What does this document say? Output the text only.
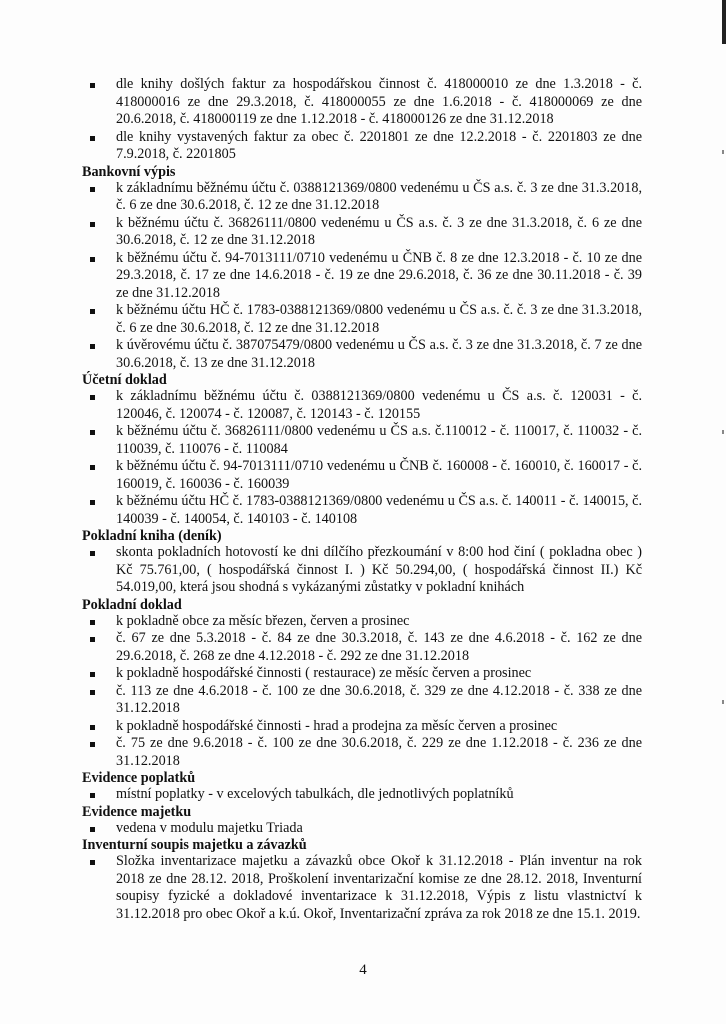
dle knihy došlých faktur za hospodářskou činnost č. 418000010 ze dne 1.3.2018 - č. 418000016 ze dne 29.3.2018, č. 418000055 ze dne 1.6.2018 - č. 418000069 ze dne 20.6.2018, č. 418000119 ze dne 1.12.2018 - č. 418000126 ze dne 31.12.2018
dle knihy vystavených faktur za obec č. 2201801 ze dne 12.2.2018 - č. 2201803 ze dne 7.9.2018, č. 2201805
Bankovní výpis
k základnímu běžnému účtu č. 0388121369/0800 vedenému u ČS a.s. č. 3 ze dne 31.3.2018, č. 6 ze dne 30.6.2018, č. 12 ze dne 31.12.2018
k běžnému účtu č. 36826111/0800 vedenému u ČS a.s. č. 3 ze dne 31.3.2018, č. 6 ze dne 30.6.2018, č. 12 ze dne 31.12.2018
k běžnému účtu č. 94-7013111/0710 vedenému u ČNB č. 8 ze dne 12.3.2018 - č. 10 ze dne 29.3.2018, č. 17 ze dne 14.6.2018 - č. 19 ze dne 29.6.2018, č. 36 ze dne 30.11.2018 - č. 39 ze dne 31.12.2018
k běžnému účtu HČ č. 1783-0388121369/0800 vedenému u ČS a.s. č. č. 3 ze dne 31.3.2018, č. 6 ze dne 30.6.2018, č. 12 ze dne 31.12.2018
k úvěrovému účtu č. 387075479/0800 vedenému u ČS a.s. č. 3 ze dne 31.3.2018, č. 7 ze dne 30.6.2018, č. 13 ze dne 31.12.2018
Účetní doklad
k základnímu běžnému účtu č. 0388121369/0800 vedenému u ČS a.s. č. 120031 - č. 120046, č. 120074 - č. 120087, č. 120143 - č. 120155
k běžnému účtu č. 36826111/0800 vedenému u ČS a.s. č.110012 - č. 110017, č. 110032 - č. 110039, č. 110076 - č. 110084
k běžnému účtu č. 94-7013111/0710 vedenému u ČNB č. 160008 - č. 160010, č. 160017 - č. 160019, č. 160036 - č. 160039
k běžnému účtu HČ č. 1783-0388121369/0800 vedenému u ČS a.s. č. 140011 - č. 140015, č. 140039 - č. 140054, č. 140103 - č. 140108
Pokladní kniha (deník)
skonta pokladních hotovostí ke dni dílčího přezkoumání v 8:00 hod činí ( pokladna obec ) Kč 75.761,00, ( hospodářská činnost I. ) Kč 50.294,00, ( hospodářská činnost II.) Kč 54.019,00, která jsou shodná s vykázanými zůstatky v pokladní knihách
Pokladní doklad
k pokladně obce za měsíc březen, červen a prosinec
č. 67 ze dne 5.3.2018 - č. 84 ze dne 30.3.2018, č. 143 ze dne 4.6.2018 - č. 162 ze dne 29.6.2018, č. 268 ze dne 4.12.2018 - č. 292 ze dne 31.12.2018
k pokladně hospodářské činnosti ( restaurace) ze měsíc červen a prosinec
č. 113 ze dne 4.6.2018 - č. 100 ze dne 30.6.2018, č. 329 ze dne 4.12.2018 - č. 338 ze dne 31.12.2018
k pokladně hospodářské činnosti - hrad a prodejna za měsíc červen a prosinec
č. 75 ze dne 9.6.2018 - č. 100 ze dne 30.6.2018, č. 229 ze dne 1.12.2018 - č. 236 ze dne 31.12.2018
Evidence poplatků
místní poplatky - v excelových tabulkách, dle jednotlivých poplatníků
Evidence majetku
vedena v modulu majetku Triada
Inventurní soupis majetku a závazků
Složka inventarizace majetku a závazků obce Okoř k 31.12.2018 - Plán inventur na rok 2018 ze dne 28.12. 2018, Proškolení inventarizační komise ze dne 28.12. 2018, Inventurní soupisy fyzické a dokladové inventarizace k 31.12.2018, Výpis z listu vlastnictví k 31.12.2018 pro obec Okoř a k.ú. Okoř, Inventarizační zpráva za rok 2018 ze dne 15.1. 2019.
4
